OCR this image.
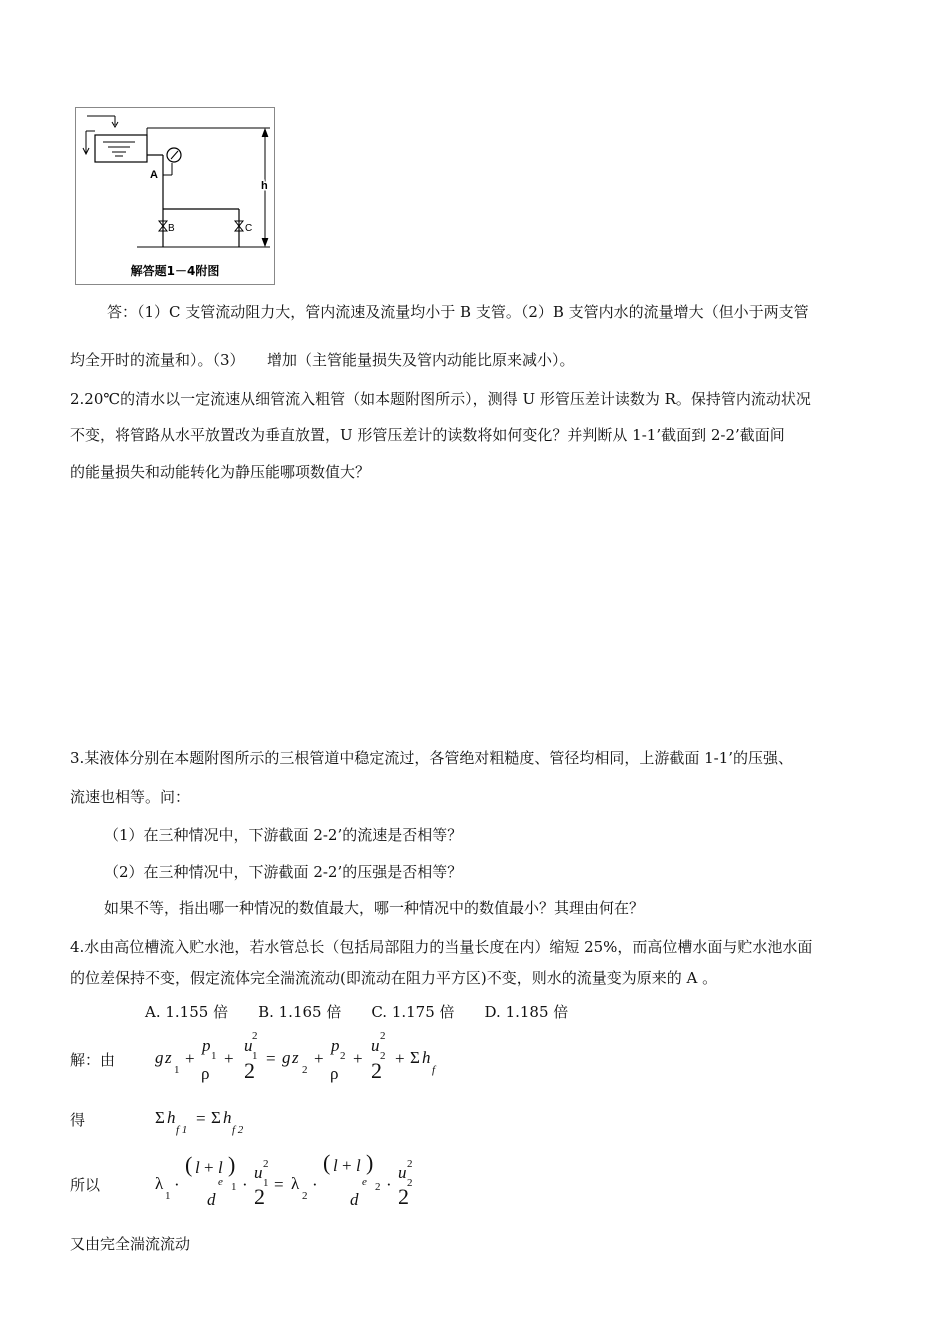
A
B	C
h
解答题1－4附图
答：（1）C 支管流动阻力大，管内流速及流量均小于 B 支管。（2）B 支管内水的流量增大（但小于两支管
均全开时的流量和）。（3）　　增加（主管能量损失及管内动能比原来减小）。
2.20℃的清水以一定流速从细管流入粗管（如本题附图所示），测得 U 形管压差计读数为 R。保持管内流动状况
不变，将管路从水平放置改为垂直放置，U 形管压差计的读数将如何变化？并判断从 1-1’截面到 2-2’截面间
的能量损失和动能转化为静压能哪项数值大？
3.某液体分别在本题附图所示的三根管道中稳定流过，各管绝对粗糙度、管径均相同，上游截面 1-1’的压强、
流速也相等。问：
（1）在三种情况中，下游截面 2-2’的流速是否相等？
（2）在三种情况中，下游截面 2-2’的压强是否相等？
如果不等，指出哪一种情况的数值最大，哪一种情况中的数值最小？其理由何在？
4.水由高位槽流入贮水池，若水管总长（包括局部阻力的当量长度在内）缩短 25%，而高位槽水面与贮水池水面
的位差保持不变，假定流体完全湍流流动(即流动在阻力平方区)不变，则水的流量变为原来的 A 。
A. 1.155 倍　　B. 1.165 倍　　C. 1.175 倍　　D. 1.185 倍
解：由
得
所以
又由完全湍流流动
g z
1
+
p
1
ρ
+
u 2
1
2 = g z
2
+
p
2
ρ
+
u 2
2
2 + Σ h
f
Σ h
f 1
= Σ h
f 2
λ
1
·
( l + l )
e 1
d
·
u 2
1
2 = λ
2
·
( l + l )
e 2
d
·
u 2
2
2
